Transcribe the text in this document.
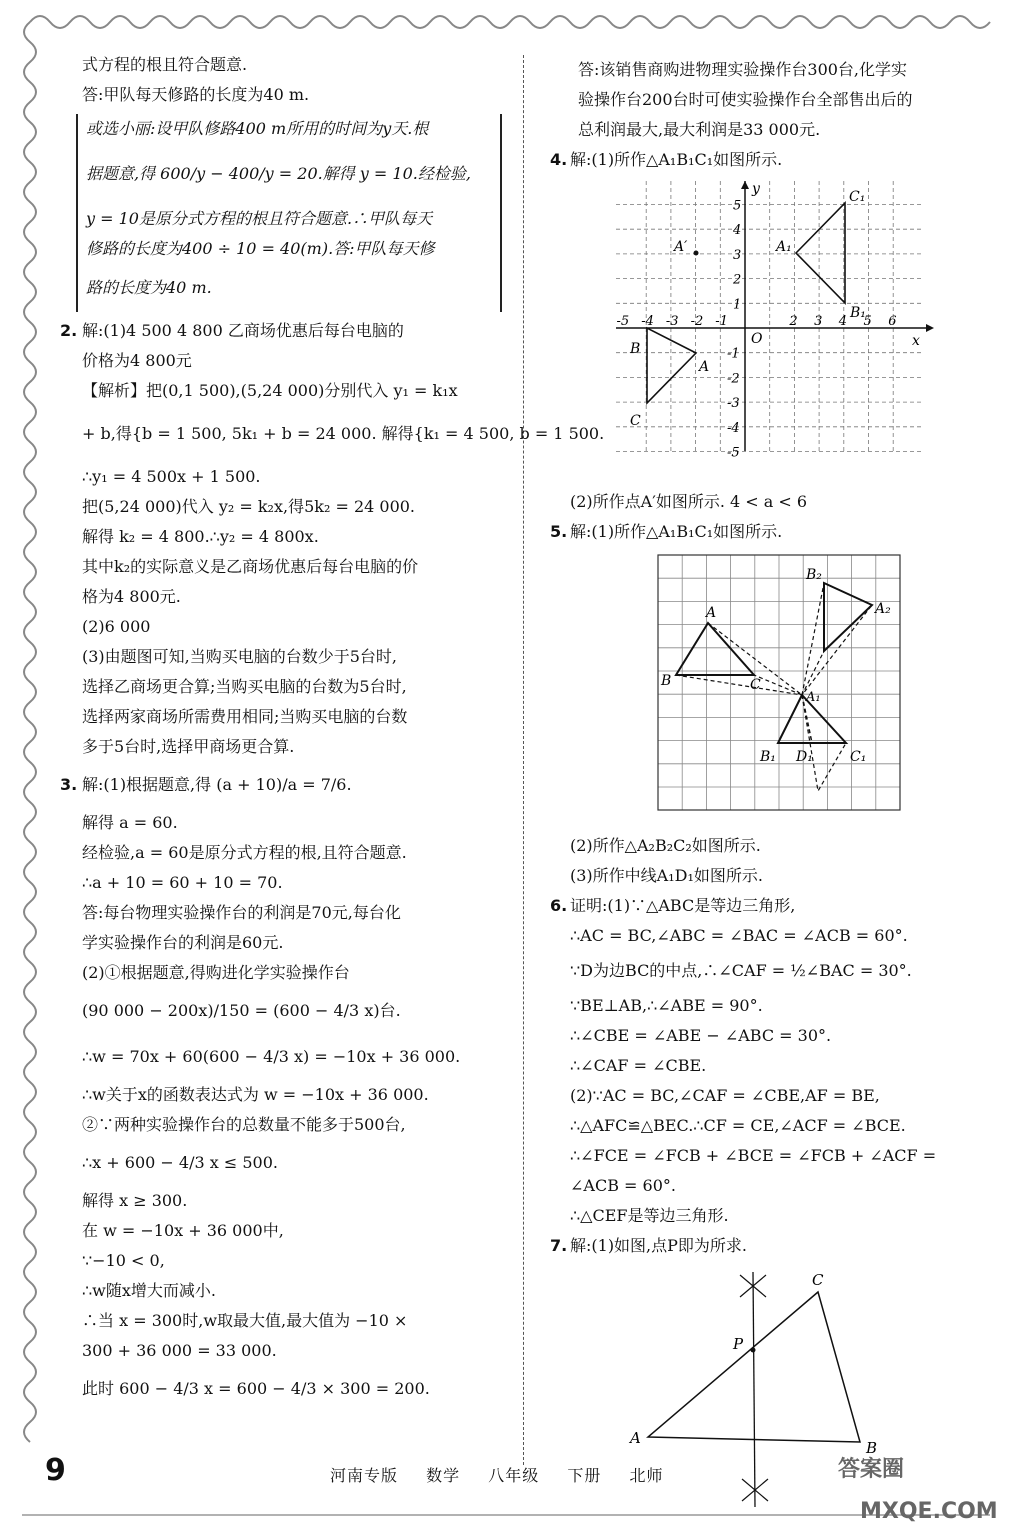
式方程的根且符合题意.
答:甲队每天修路的长度为40 m.
或选小丽:设甲队修路400 m所用的时间为y天.根
据题意,得 600/y − 400/y = 20.解得 y = 10.经检验,
y = 10是原分式方程的根且符合题意.∴甲队每天
修路的长度为400 ÷ 10 = 40(m).答:甲队每天修
路的长度为40 m.
2. 解:(1)4 500 4 800 乙商场优惠后每台电脑的
价格为4 800元
【解析】把(0,1 500),(5,24 000)分别代入 y₁ = k₁x
+ b,得{b = 1 500, 5k₁ + b = 24 000. 解得{k₁ = 4 500, b = 1 500.
∴y₁ = 4 500x + 1 500.
把(5,24 000)代入 y₂ = k₂x,得5k₂ = 24 000.
解得 k₂ = 4 800.∴y₂ = 4 800x.
其中k₂的实际意义是乙商场优惠后每台电脑的价
格为4 800元.
(2)6 000
(3)由题图可知,当购买电脑的台数少于5台时,
选择乙商场更合算;当购买电脑的台数为5台时,
选择两家商场所需费用相同;当购买电脑的台数
多于5台时,选择甲商场更合算.
3. 解:(1)根据题意,得 (a + 10)/a = 7/6.
解得 a = 60.
经检验,a = 60是原分式方程的根,且符合题意.
∴a + 10 = 60 + 10 = 70.
答:每台物理实验操作台的利润是70元,每台化
学实验操作台的利润是60元.
(2)①根据题意,得购进化学实验操作台
(90 000 − 200x)/150 = (600 − 4/3 x)台.
∴w = 70x + 60(600 − 4/3 x) = −10x + 36 000.
∴w关于x的函数表达式为 w = −10x + 36 000.
②∵两种实验操作台的总数量不能多于500台,
∴x + 600 − 4/3 x ≤ 500.
解得 x ≥ 300.
在 w = −10x + 36 000中,
∵−10 < 0,
∴w随x增大而减小.
∴当 x = 300时,w取最大值,最大值为 −10 ×
300 + 36 000 = 33 000.
此时 600 − 4/3 x = 600 − 4/3 × 300 = 200.
答:该销售商购进物理实验操作台300台,化学实
验操作台200台时可使实验操作台全部售出后的
总利润最大,最大利润是33 000元.
4. 解:(1)所作△A₁B₁C₁如图所示.
-5 -4 -3 -2 -1	2 3 4 5 6
5
4
3
2
1
-1
-2
-3
-4
-5
O	x
y	C₁
A₁
B₁
A′
A
B
C
(2)所作点A′如图所示. 4 < a < 6
5. 解:(1)所作△A₁B₁C₁如图所示.
B₂
A	A₂
B	C
A₁
B₁ D₁	C₁
(2)所作△A₂B₂C₂如图所示.
(3)所作中线A₁D₁如图所示.
6. 证明:(1)∵△ABC是等边三角形,
∴AC = BC,∠ABC = ∠BAC = ∠ACB = 60°.
∵D为边BC的中点,∴∠CAF = ½∠BAC = 30°.
∵BE⊥AB,∴∠ABE = 90°.
∴∠CBE = ∠ABE − ∠ABC = 30°.
∴∠CAF = ∠CBE.
(2)∵AC = BC,∠CAF = ∠CBE,AF = BE,
∴△AFC≌△BEC.∴CF = CE,∠ACF = ∠BCE.
∴∠FCE = ∠FCB + ∠BCE = ∠FCB + ∠ACF =
∠ACB = 60°.
∴△CEF是等边三角形.
7. 解:(1)如图,点P即为所求.
C
P
A
B
9	河南专版 数学 八年级 下册 北师	答案圈
MXQE.COM
